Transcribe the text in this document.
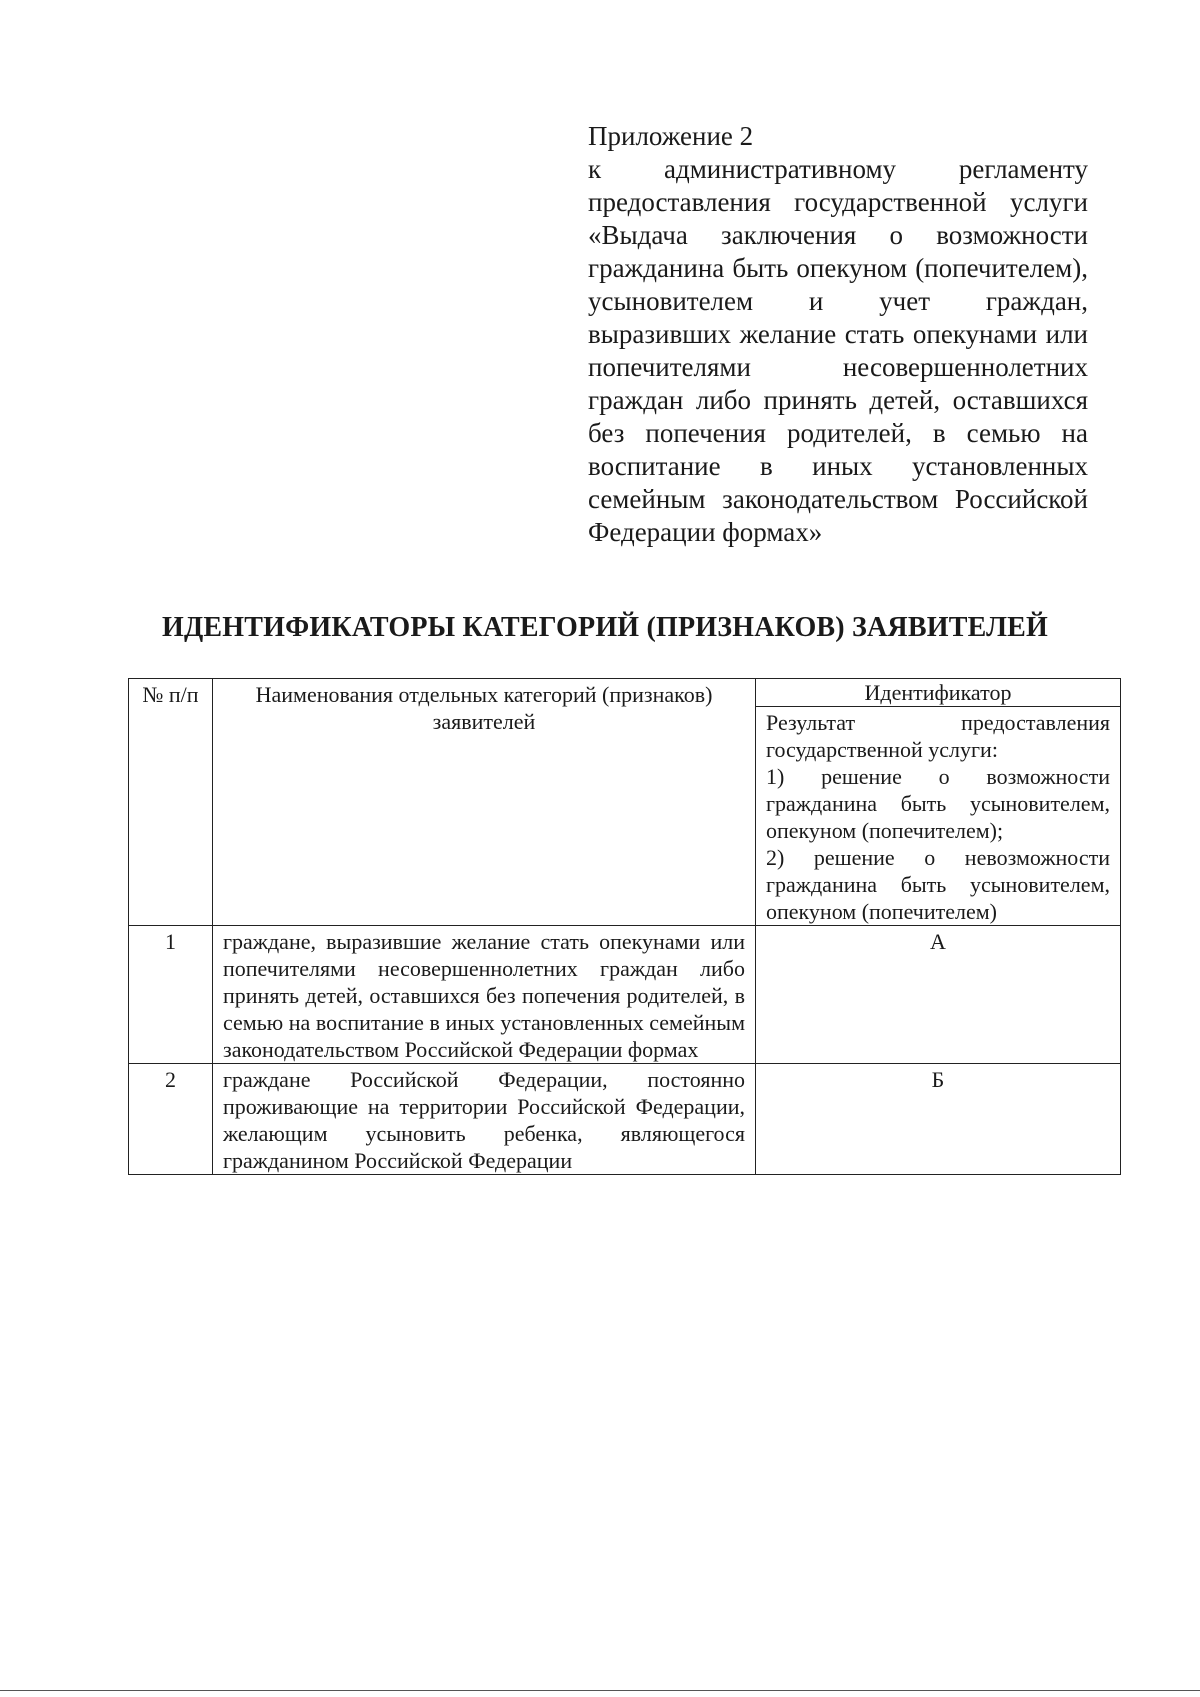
Приложение 2
к административному регламенту предоставления государственной услуги «Выдача заключения о возможности гражданина быть опекуном (попечителем), усыновителем и учет граждан, выразивших желание стать опекунами или попечителями несовершеннолетних граждан либо принять детей, оставшихся без попечения родителей, в семью на воспитание в иных установленных семейным законодательством Российской Федерации формах»
ИДЕНТИФИКАТОРЫ КАТЕГОРИЙ (ПРИЗНАКОВ) ЗАЯВИТЕЛЕЙ
№ п/п	Наименования отдельных категорий (признаков) заявителей	Идентификатор

		Результат предоставления государственной услуги:
1) решение о возможности гражданина быть усыновителем, опекуном (попечителем);
2) решение о невозможности гражданина быть усыновителем, опекуном (попечителем)

1	граждане, выразившие желание стать опекунами или попечителями несовершеннолетних граждан либо принять детей, оставшихся без попечения родителей, в семью на воспитание в иных установленных семейным законодательством Российской Федерации формах	А
2	граждане Российской Федерации, постоянно проживающие на территории Российской Федерации, желающим усыновить ребенка, являющегося гражданином Российской Федерации	Б
